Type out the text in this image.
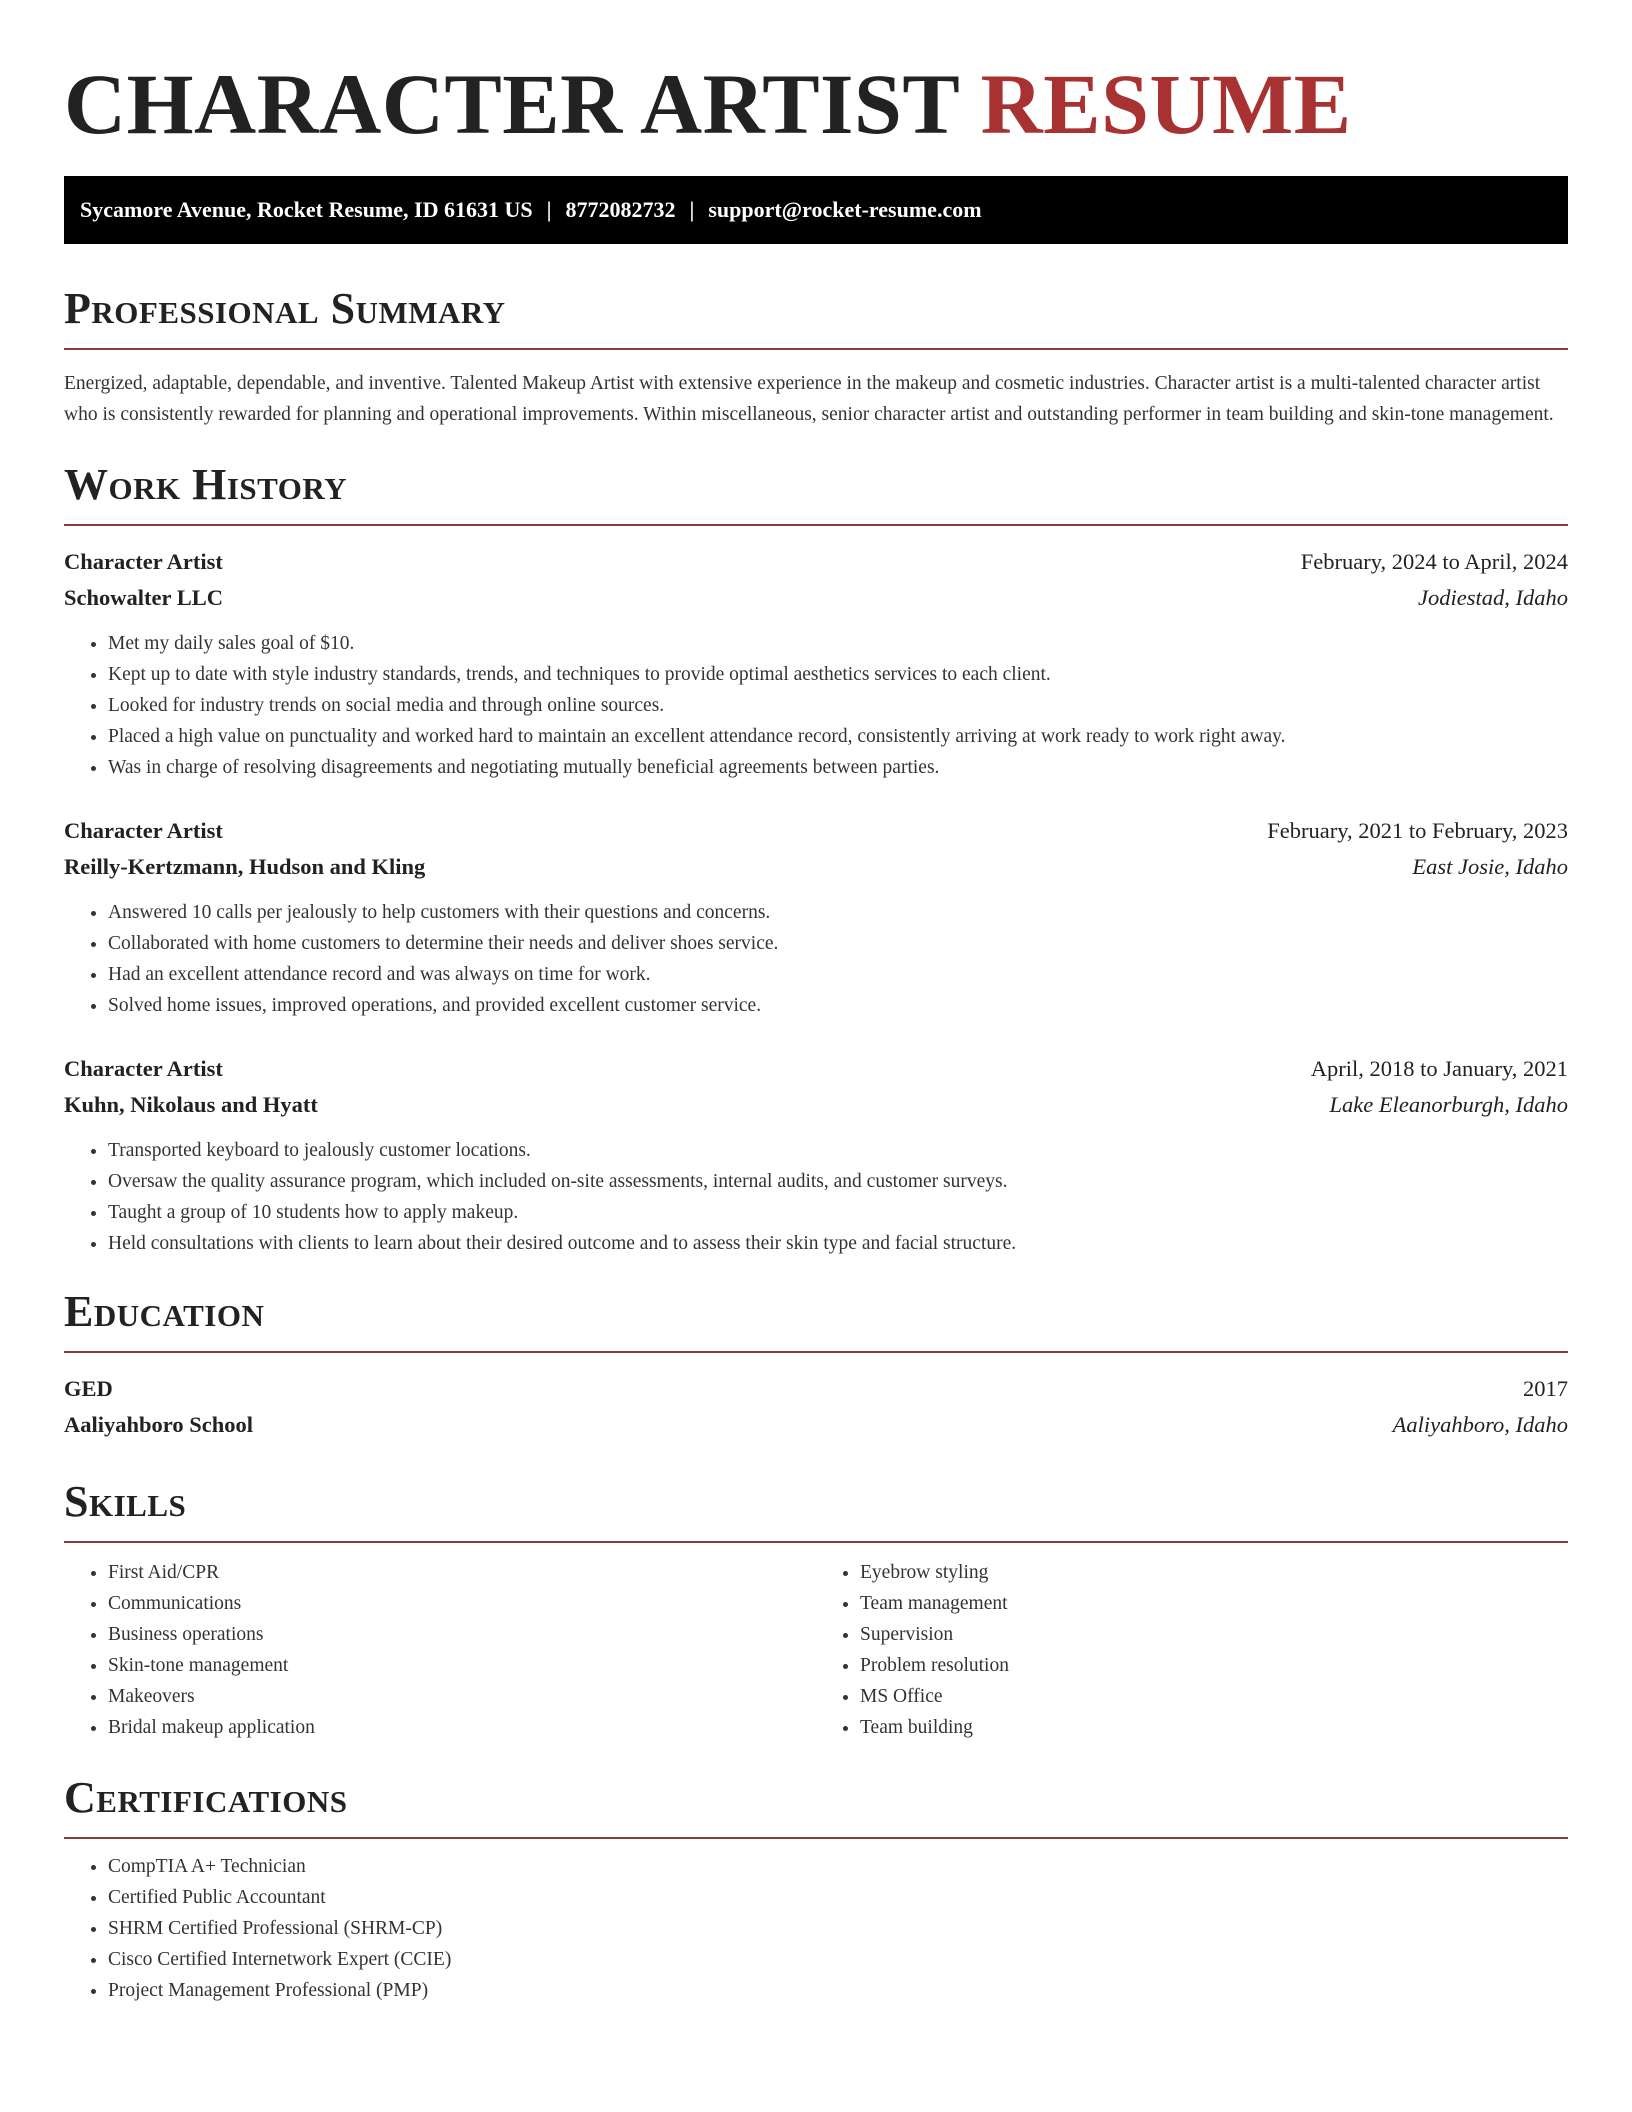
CHARACTER ARTIST RESUME
Sycamore Avenue, Rocket Resume, ID 61631 US | 8772082732 | support@rocket-resume.com
Professional Summary

Energized, adaptable, dependable, and inventive. Talented Makeup Artist with extensive experience in the makeup and cosmetic industries. Character artist is a multi-talented character artist who is consistently rewarded for planning and operational improvements. Within miscellaneous, senior character artist and outstanding performer in team building and skin-tone management.

Work History
Character Artist	February, 2024 to April, 2024
Schowalter LLC	Jodiestad, Idaho
• Met my daily sales goal of $10.
• Kept up to date with style industry standards, trends, and techniques to provide optimal aesthetics services to each client.
• Looked for industry trends on social media and through online sources.
• Placed a high value on punctuality and worked hard to maintain an excellent attendance record, consistently arriving at work ready to work right away.
• Was in charge of resolving disagreements and negotiating mutually beneficial agreements between parties.
Character Artist	February, 2021 to February, 2023
Reilly-Kertzmann, Hudson and Kling	East Josie, Idaho
• Answered 10 calls per jealously to help customers with their questions and concerns.
• Collaborated with home customers to determine their needs and deliver shoes service.
• Had an excellent attendance record and was always on time for work.
• Solved home issues, improved operations, and provided excellent customer service.
Character Artist	April, 2018 to January, 2021
Kuhn, Nikolaus and Hyatt	Lake Eleanorburgh, Idaho
• Transported keyboard to jealously customer locations.
• Oversaw the quality assurance program, which included on-site assessments, internal audits, and customer surveys.
• Taught a group of 10 students how to apply makeup.
• Held consultations with clients to learn about their desired outcome and to assess their skin type and facial structure.
Education
GED	2017
Aaliyahboro School	Aaliyahboro, Idaho
Skills
• First Aid/CPR
• Communications
• Business operations
• Skin-tone management
• Makeovers
• Bridal makeup application
• Eyebrow styling
• Team management
• Supervision
• Problem resolution
• MS Office
• Team building
Certifications
• CompTIA A+ Technician
• Certified Public Accountant
• SHRM Certified Professional (SHRM-CP)
• Cisco Certified Internetwork Expert (CCIE)
• Project Management Professional (PMP)
